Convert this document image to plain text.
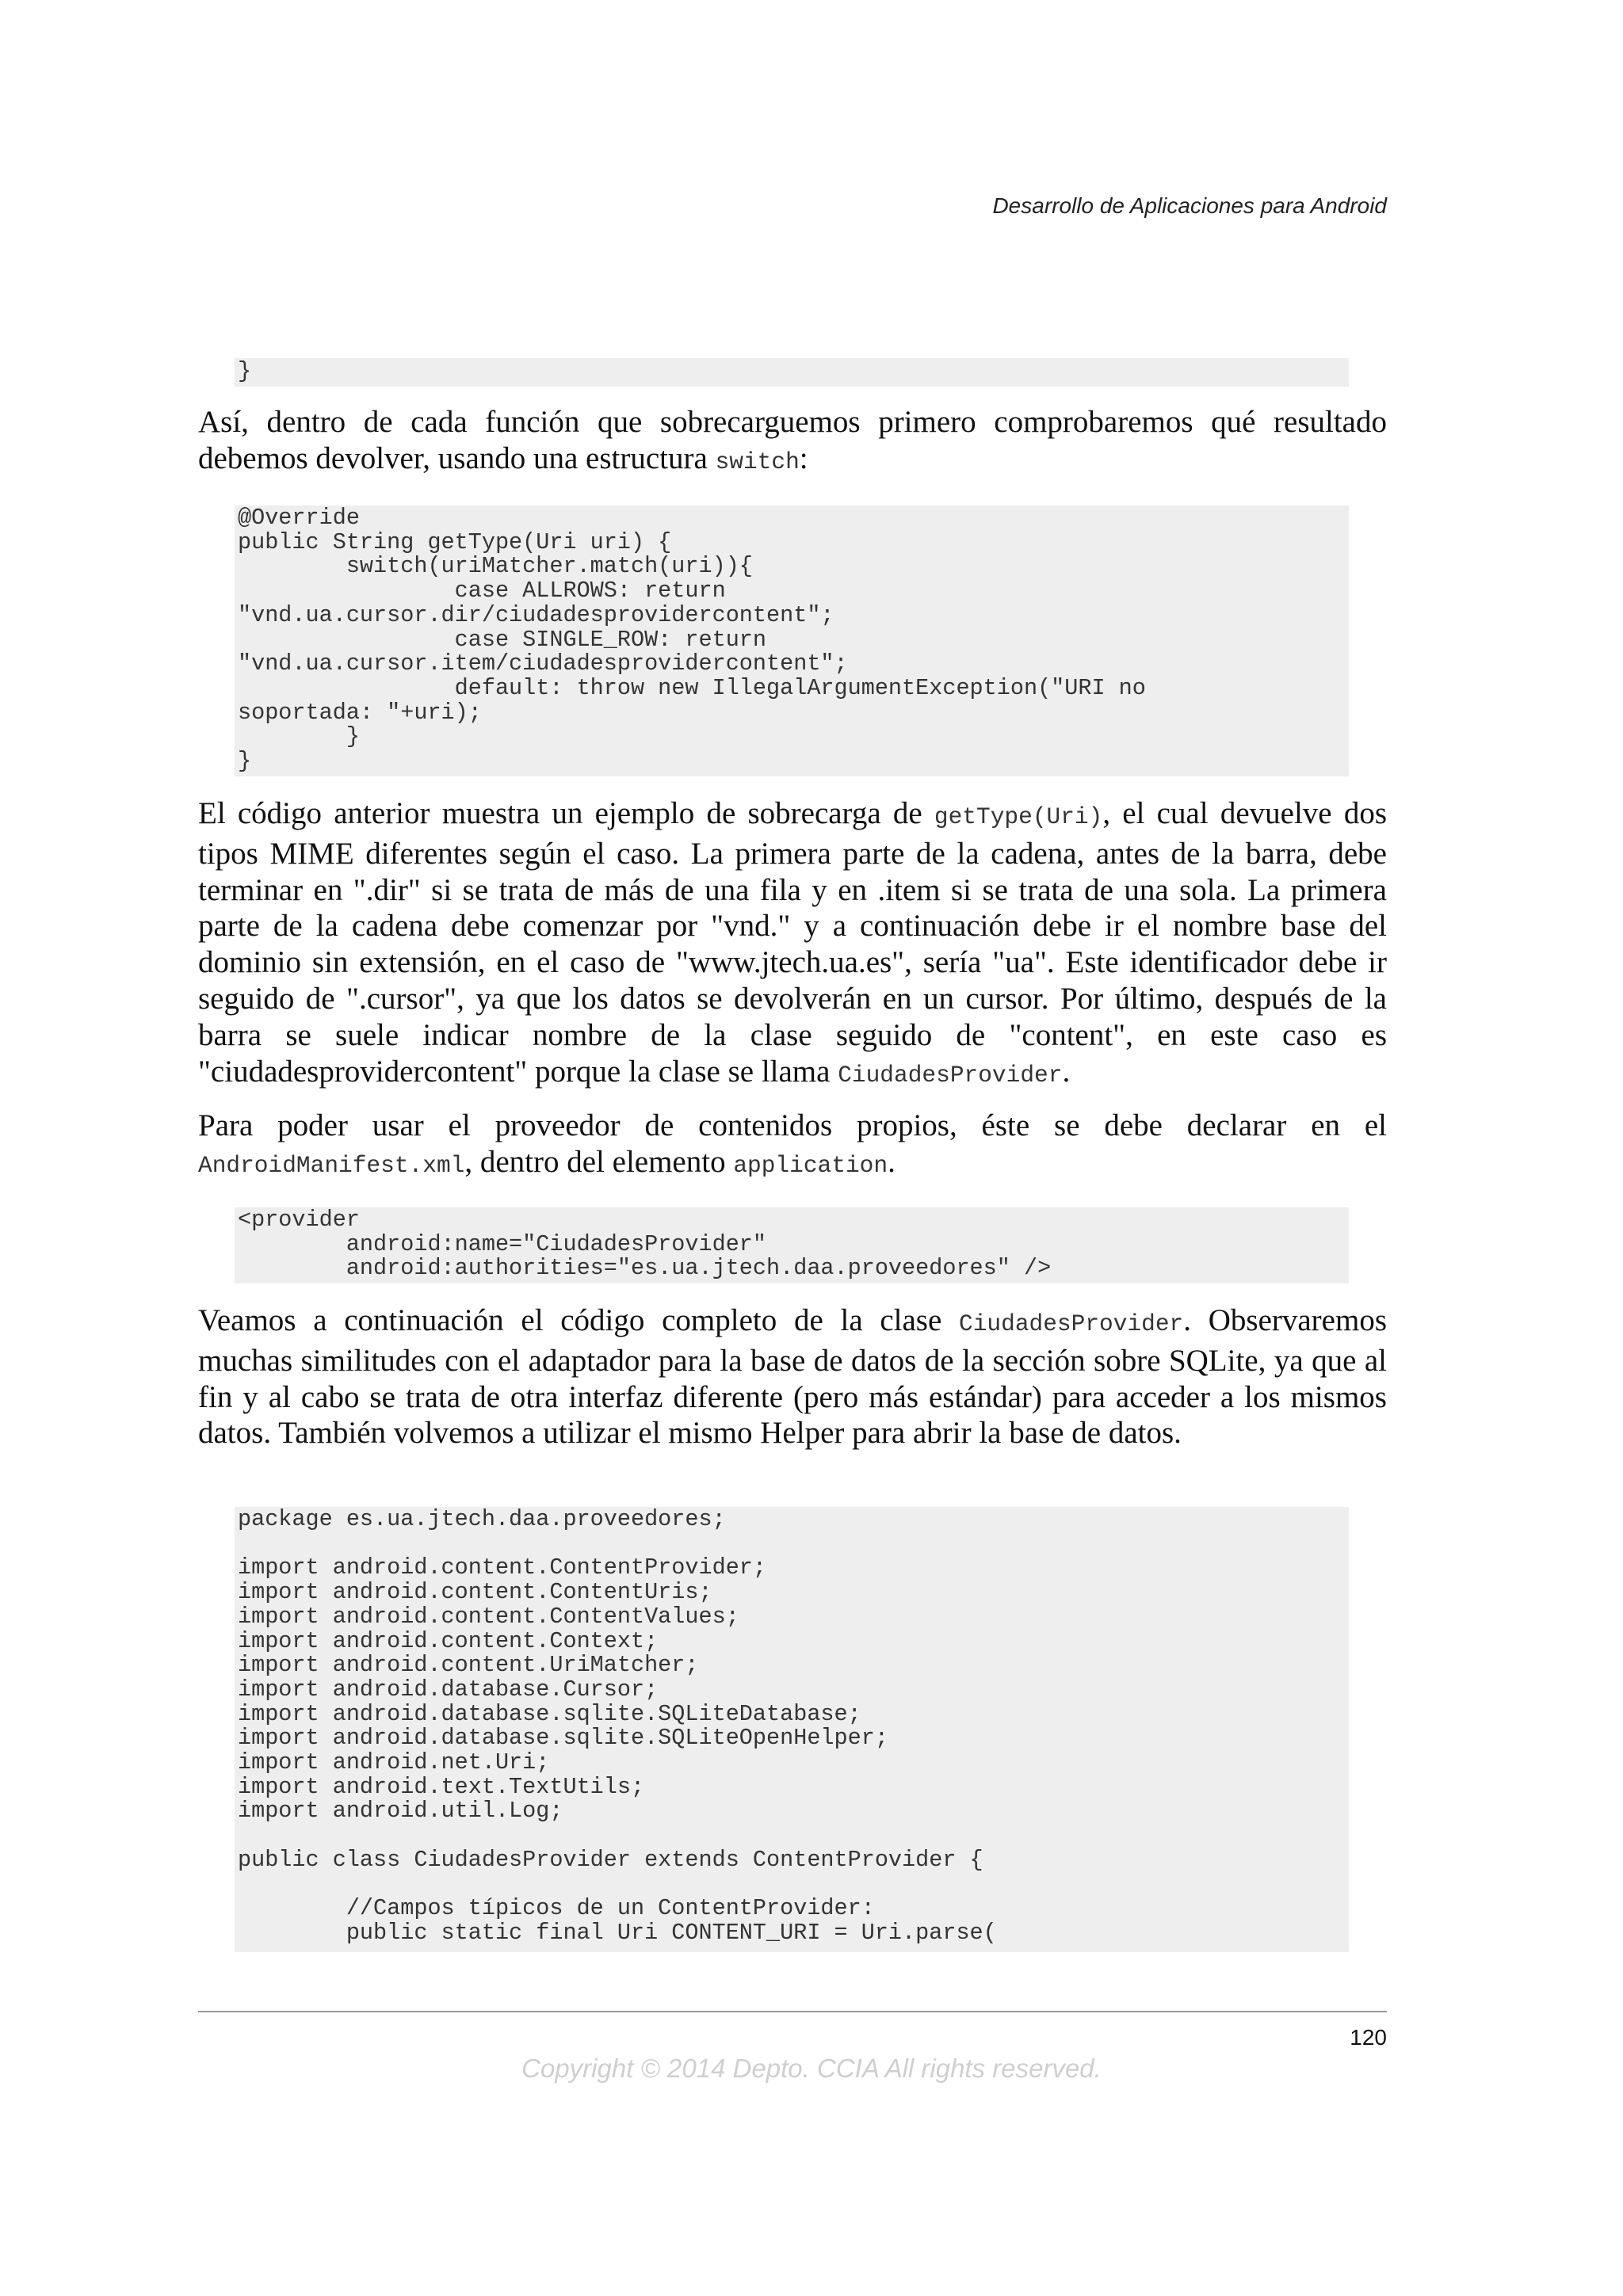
Desarrollo de Aplicaciones para Android
}

Así, dentro de cada función que sobrecarguemos primero comprobaremos qué resultado debemos devolver, usando una estructura switch:

@Override
public String getType(Uri uri) {
switch(uriMatcher.match(uri)){
case ALLROWS: return
"vnd.ua.cursor.dir/ciudadesprovidercontent";
case SINGLE_ROW: return
"vnd.ua.cursor.item/ciudadesprovidercontent";
default: throw new IllegalArgumentException("URI no
soportada: "+uri);
}
}

El código anterior muestra un ejemplo de sobrecarga de getType(Uri), el cual devuelve dos tipos MIME diferentes según el caso. La primera parte de la cadena, antes de la barra, debe terminar en ".dir" si se trata de más de una fila y en .item si se trata de una sola. La primera parte de la cadena debe comenzar por "vnd." y a continuación debe ir el nombre base del dominio sin extensión, en el caso de "www.jtech.ua.es", sería "ua". Este identificador debe ir seguido de ".cursor", ya que los datos se devolverán en un cursor. Por último, después de la barra se suele indicar nombre de la clase seguido de "content", en este caso es "ciudadesprovidercontent" porque la clase se llama CiudadesProvider.

Para poder usar el proveedor de contenidos propios, éste se debe declarar en el AndroidManifest.xml, dentro del elemento application.

<provider
android:name="CiudadesProvider"
android:authorities="es.ua.jtech.daa.proveedores" />

Veamos a continuación el código completo de la clase CiudadesProvider. Observaremos muchas similitudes con el adaptador para la base de datos de la sección sobre SQLite, ya que al fin y al cabo se trata de otra interfaz diferente (pero más estándar) para acceder a los mismos datos. También volvemos a utilizar el mismo Helper para abrir la base de datos.

package es.ua.jtech.daa.proveedores;

import android.content.ContentProvider;
import android.content.ContentUris;
import android.content.ContentValues;
import android.content.Context;
import android.content.UriMatcher;
import android.database.Cursor;
import android.database.sqlite.SQLiteDatabase;
import android.database.sqlite.SQLiteOpenHelper;
import android.net.Uri;
import android.text.TextUtils;
import android.util.Log;

public class CiudadesProvider extends ContentProvider {

//Campos típicos de un ContentProvider:
public static final Uri CONTENT_URI = Uri.parse(
120
Copyright © 2014 Depto. CCIA All rights reserved.
